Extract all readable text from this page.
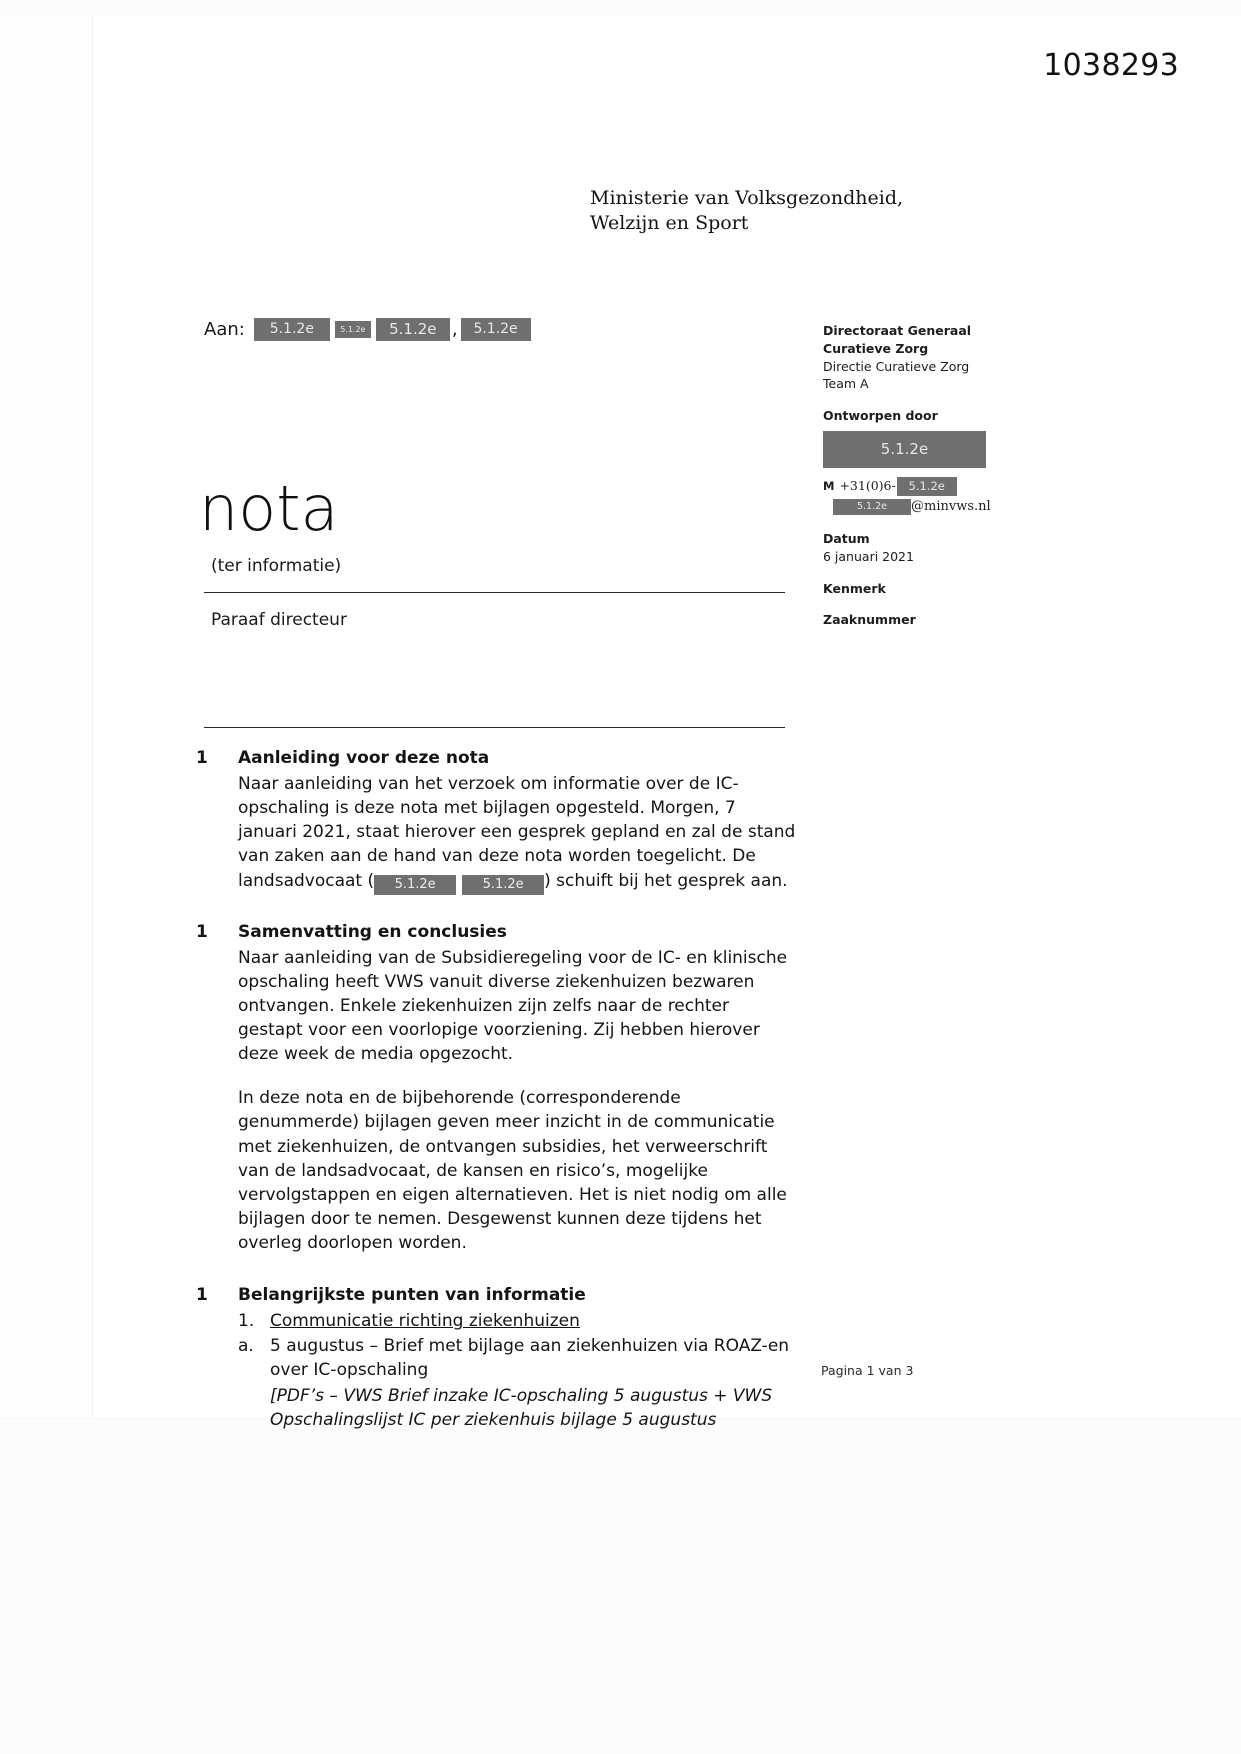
1038293
Ministerie van Volksgezondheid,
Welzijn en Sport
Aan:	5.1.2e	5.1.2e	5.1.2e ,	5.1.2e
nota
(ter informatie)
Paraaf directeur
Directoraat Generaal
Curatieve Zorg
Directie Curatieve Zorg
Team A
Ontworpen door
5.1.2e
M +31(0)6-	5.1.2e
5.1.2e	@minvws.nl
Datum
6 januari 2021
Kenmerk
Zaaknummer
1	Aanleiding voor deze nota
Naar aanleiding van het verzoek om informatie over de IC-opschaling is deze nota met bijlagen opgesteld. Morgen, 7 januari 2021, staat hierover een gesprek gepland en zal de stand van zaken aan de hand van deze nota worden toegelicht. De landsadvocaat ( 5.1.2e	5.1.2e ) schuift bij het gesprek aan.
1	Samenvatting en conclusies
Naar aanleiding van de Subsidieregeling voor de IC- en klinische opschaling heeft VWS vanuit diverse ziekenhuizen bezwaren ontvangen. Enkele ziekenhuizen zijn zelfs naar de rechter gestapt voor een voorlopige voorziening. Zij hebben hierover deze week de media opgezocht.
In deze nota en de bijbehorende (corresponderende genummerde) bijlagen geven meer inzicht in de communicatie met ziekenhuizen, de ontvangen subsidies, het verweerschrift van de landsadvocaat, de kansen en risico’s, mogelijke vervolgstappen en eigen alternatieven. Het is niet nodig om alle bijlagen door te nemen. Desgewenst kunnen deze tijdens het overleg doorlopen worden.
1	Belangrijkste punten van informatie
1. Communicatie richting ziekenhuizen
a. 5 augustus – Brief met bijlage aan ziekenhuizen via ROAZ-en over IC-opschaling
[PDF’s – VWS Brief inzake IC-opschaling 5 augustus + VWS Opschalingslijst IC per ziekenhuis bijlage 5 augustus
Pagina 1 van 3
